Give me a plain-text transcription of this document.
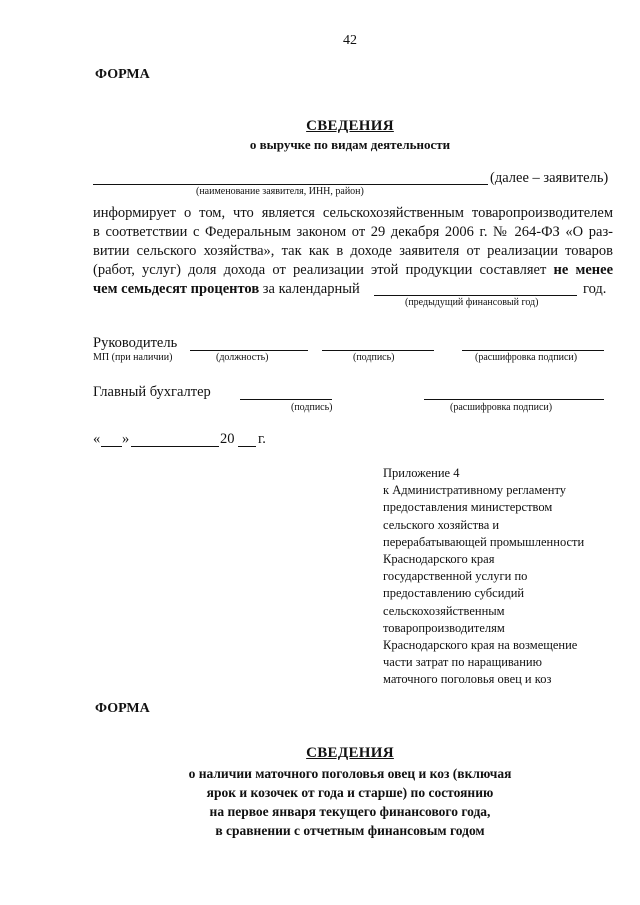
42
ФОРМА
СВЕДЕНИЯ
о выручке по видам деятельности
(далее – заявитель)
(наименование заявителя, ИНН, район)
информирует о том, что является сельскохозяйственным товаропроизводителем
в соответствии с Федеральным законом от 29 декабря 2006 г. № 264-ФЗ «О раз-
витии сельского хозяйства», так как в доходе заявителя от реализации товаров
(работ, услуг) доля дохода от реализации этой продукции составляет не менее
чем семьдесят процентов за календарный	год.
(предыдущий финансовый год)
Руководитель
МП (при наличии)	(должность)	(подпись)	(расшифровка подписи)
Главный бухгалтер
(подпись)	(расшифровка подписи)
« »	20 г.
Приложение 4
к Административному регламенту
предоставления министерством
сельского хозяйства и
перерабатывающей промышленности
Краснодарского края
государственной услуги по
предоставлению субсидий
сельскохозяйственным
товаропроизводителям
Краснодарского края на возмещение
части затрат по наращиванию
маточного поголовья овец и коз
ФОРМА
СВЕДЕНИЯ
о наличии маточного поголовья овец и коз (включая
ярок и козочек от года и старше) по состоянию
на первое января текущего финансового года,
в сравнении с отчетным финансовым годом
